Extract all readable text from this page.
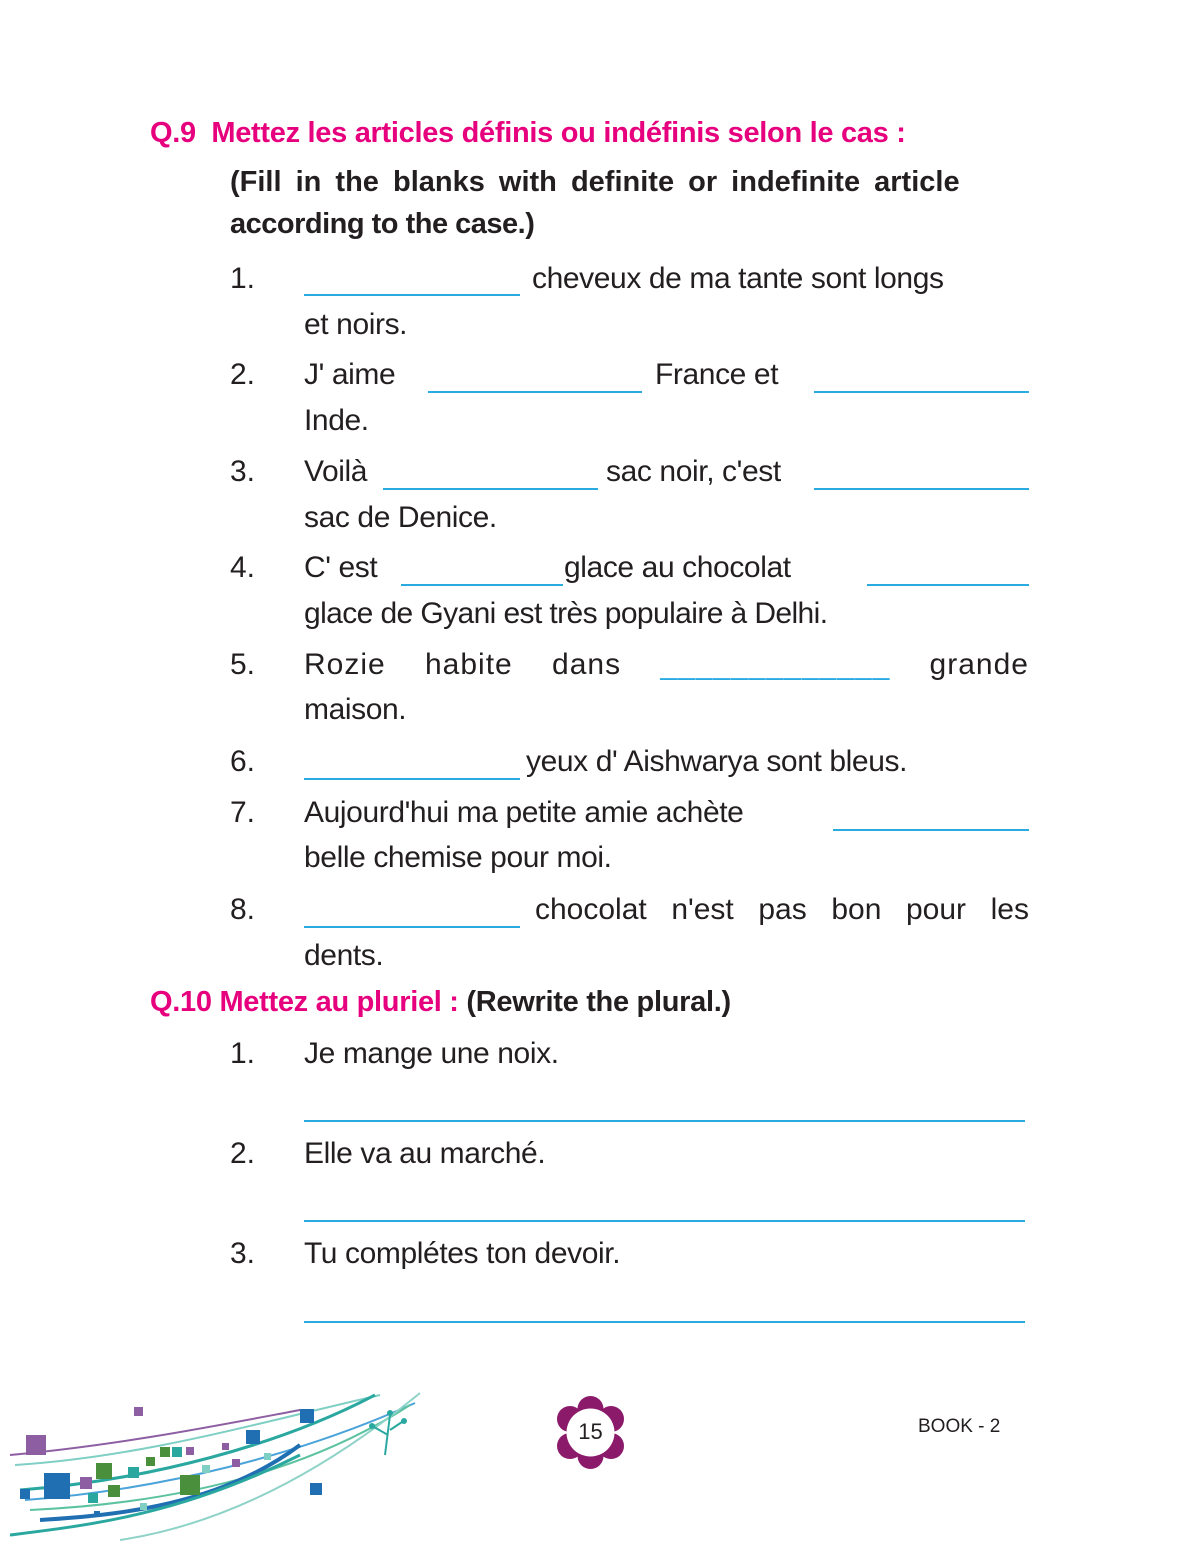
Q.9 Mettez les articles définis ou indéfinis selon le cas :
(Fill in the blanks with definite or indefinite article
according to the case.)
1.	cheveux de ma tante sont longs
et noirs.
2. J' aime	France et
Inde.
3. Voilà	sac noir, c'est
sac de Denice.
4. C' est	glace au chocolat
glace de Gyani est très populaire à Delhi.
5. Rozie habite dans _____________ grande
maison.
6.	yeux d' Aishwarya sont bleus.
7. Aujourd'hui ma petite amie achète
belle chemise pour moi.
8.	chocolat n'est pas bon pour les
dents.
Q.10 Mettez au pluriel : (Rewrite the plural.)
1. Je mange une noix.
2. Elle va au marché.
3. Tu complétes ton devoir.
15	BOOK - 2
